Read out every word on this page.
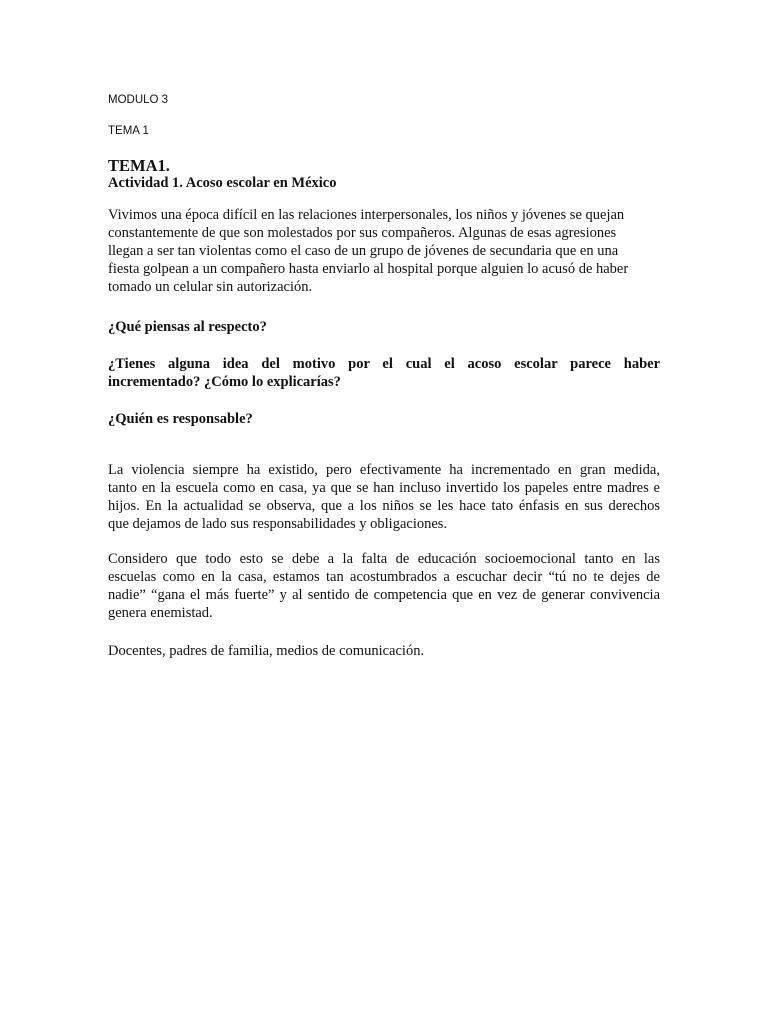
MODULO 3
TEMA 1
TEMA1.
Actividad 1. Acoso escolar en México
Vivimos una época difícil en las relaciones interpersonales, los niños y jóvenes se quejan
constantemente de que son molestados por sus compañeros. Algunas de esas agresiones
llegan a ser tan violentas como el caso de un grupo de jóvenes de secundaria que en una
fiesta golpean a un compañero hasta enviarlo al hospital porque alguien lo acusó de haber
tomado un celular sin autorización.
¿Qué piensas al respecto?
¿Tienes alguna idea del motivo por el cual el acoso escolar parece haber
incrementado? ¿Cómo lo explicarías?
¿Quién es responsable?
La violencia siempre ha existido, pero efectivamente ha incrementado en gran medida,
tanto en la escuela como en casa, ya que se han incluso invertido los papeles entre madres e
hijos. En la actualidad se observa, que a los niños se les hace tato énfasis en sus derechos
que dejamos de lado sus responsabilidades y obligaciones.
Considero que todo esto se debe a la falta de educación socioemocional tanto en las
escuelas como en la casa, estamos tan acostumbrados a escuchar decir “tú no te dejes de
nadie” “gana el más fuerte” y al sentido de competencia que en vez de generar convivencia
genera enemistad.
Docentes, padres de familia, medios de comunicación.
